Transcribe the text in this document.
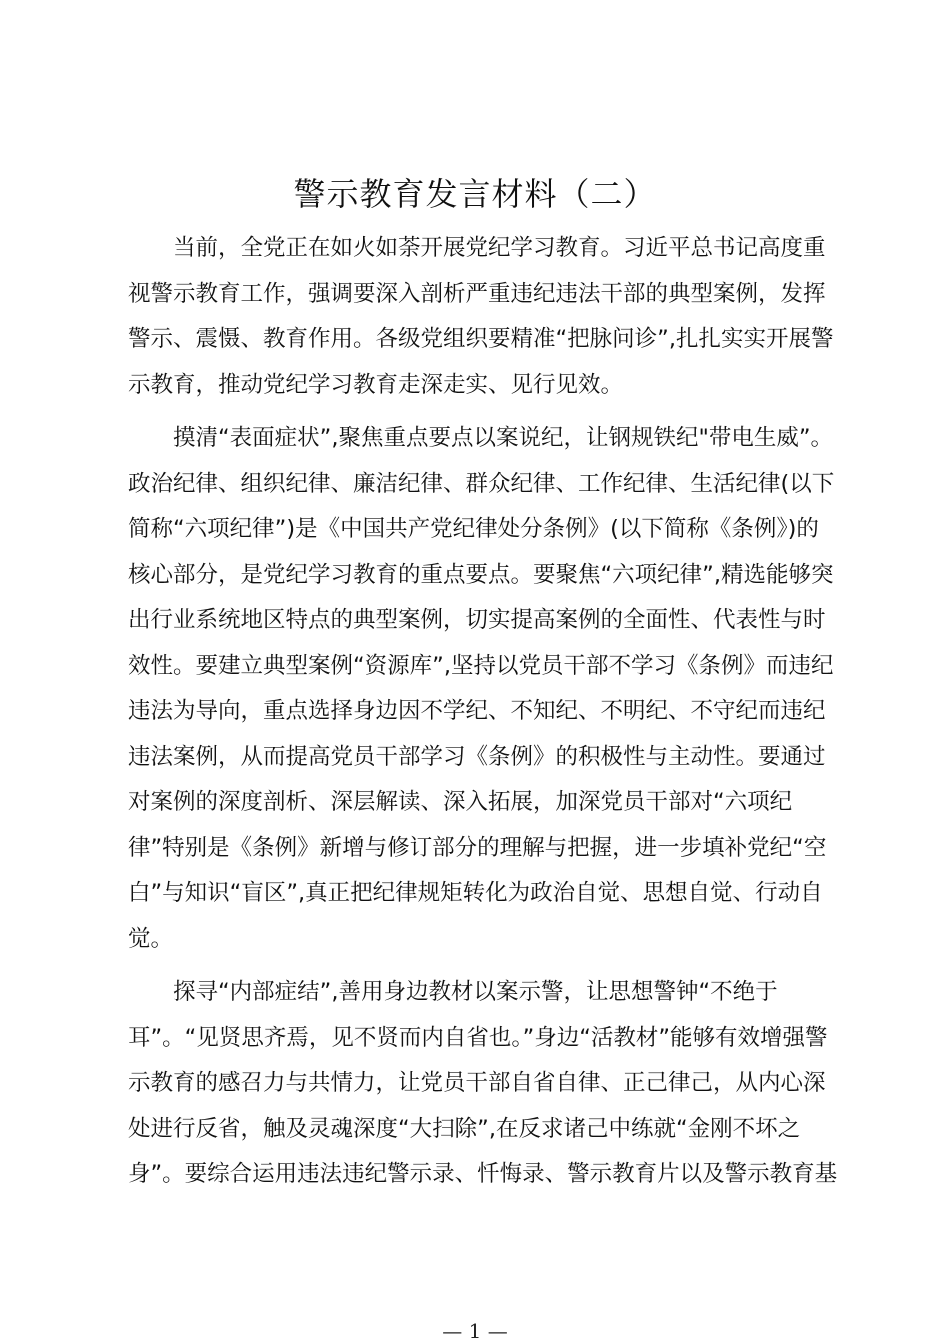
警示教育发言材料（二）
当前，全党正在如火如荼开展党纪学习教育。习近平总书记高度重
视警示教育工作，强调要深入剖析严重违纪违法干部的典型案例，发挥
警示、震慑、教育作用。各级党组织要精准“把脉问诊”,扎扎实实开展警
示教育，推动党纪学习教育走深走实、见行见效。
摸清“表面症状”,聚焦重点要点以案说纪，让钢规铁纪"带电生威”。
政治纪律、组织纪律、廉洁纪律、群众纪律、工作纪律、生活纪律(以下
简称“六项纪律”)是《中国共产党纪律处分条例》(以下简称《条例》)的
核心部分，是党纪学习教育的重点要点。要聚焦“六项纪律”,精选能够突
出行业系统地区特点的典型案例，切实提高案例的全面性、代表性与时
效性。要建立典型案例“资源库”,坚持以党员干部不学习《条例》而违纪
违法为导向，重点选择身边因不学纪、不知纪、不明纪、不守纪而违纪
违法案例，从而提高党员干部学习《条例》的积极性与主动性。要通过
对案例的深度剖析、深层解读、深入拓展，加深党员干部对“六项纪
律”特别是《条例》新增与修订部分的理解与把握，进一步填补党纪“空
白”与知识“盲区”,真正把纪律规矩转化为政治自觉、思想自觉、行动自
觉。
探寻“内部症结”,善用身边教材以案示警，让思想警钟“不绝于
耳”。“见贤思齐焉，见不贤而内自省也。”身边“活教材”能够有效增强警
示教育的感召力与共情力，让党员干部自省自律、正己律己，从内心深
处进行反省，触及灵魂深度“大扫除”,在反求诸己中练就“金刚不坏之
身”。要综合运用违法违纪警示录、忏悔录、警示教育片以及警示教育基
— 1 —
